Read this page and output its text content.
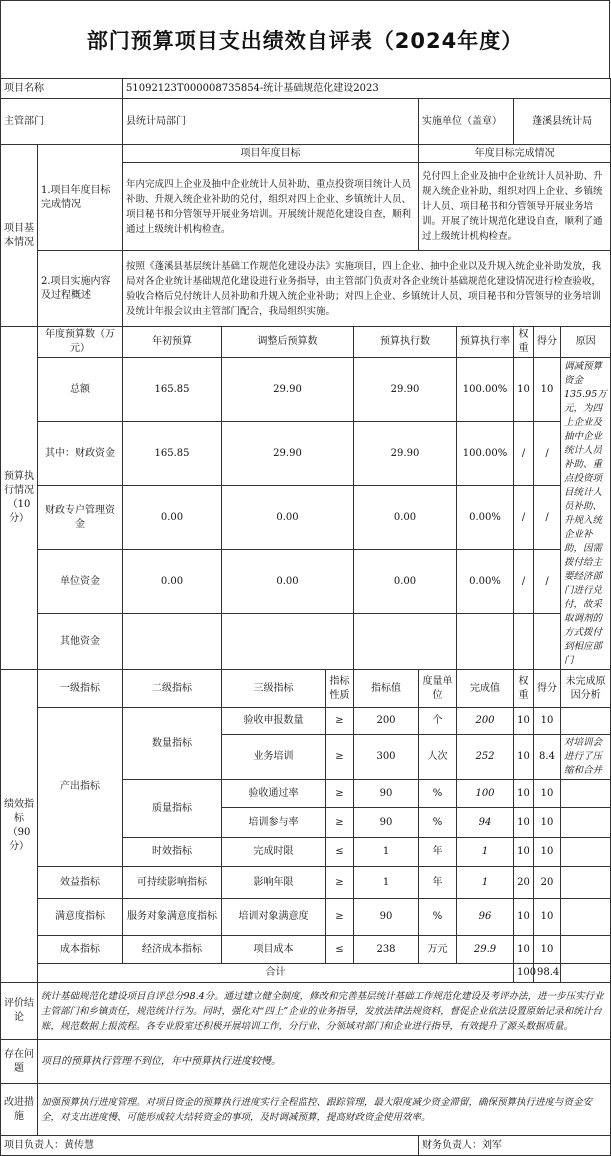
部门预算项目支出绩效自评表（2024年度）
项目名称		51092123T000008735854-统计基础规范化建设2023								
主管部门		县统计局部门				实施单位（盖章）		蓬溪县统计局		
项目基本情况	1.项目年度目标完成情况	项目年度目标				年度目标完成情况				
		年内完成四上企业及抽中企业统计人员补助、重点投资项目统计人员补助、升规入统企业补助的兑付，组织对四上企业、乡镇统计人员、项目秘书和分管领导开展业务培训。开展统计规范化建设自查，顺利通过上级统计机构检查。				兑付四上企业及抽中企业统计人员补助、升规入统企业补助，组织对四上企业、乡镇统计人员、项目秘书和分管领导开展业务培训。开展了统计规范化建设自查，顺利了通过上级统计机构检查。				
	2.项目实施内容及过程概述	按照《蓬溪县基层统计基础工作规范化建设办法》实施项目，四上企业、抽中企业以及升规入统企业补助发放，我局对各企业统计基础规范化建设进行业务指导，由主管部门负责对各企业统计基础规范化建设情况进行检查验收，验收合格后兑付统计人员补助和升规入统企业补助；对四上企业、乡镇统计人员、项目秘书和分管领导的业务培训及统计年报会议由主管部门配合，我局组织实施。								
预算执行情况（10分）	年度预算数（万元）	年初预算	调整后预算数		预算执行数		预算执行率	权重	得分	原因
	总额	165.85	29.90		29.90		100.00%	10	10	调减预算资金135.95万元，为四上企业及抽中企业统计人员补助、重点投资项目统计人员补助、升规入统企业补助，因需拨付给主要经济部门进行兑付，故采取调剂的方式拨付到相应部门
	其中：财政资金	165.85	29.90		29.90		100.00%	/	/	
	财政专户管理资金	0.00	0.00		0.00		0.00%	/	/	
	单位资金	0.00	0.00		0.00		0.00%	/	/	
	其他资金									
绩效指标（90分）	一级指标	二级指标	三级指标	指标性质	指标值	度量单位	完成值	权重	得分	未完成原因分析
	产出指标	数量指标	验收申报数量	≥	200	个	200	10	10	
			业务培训	≥	300	人次	252	10	8.4	对培训会进行了压缩和合并
		质量指标	验收通过率	≥	90	%	100	10	10	
			培训参与率	≥	90	%	94	10	10	
		时效指标	完成时限	≤	1	年	1	10	10	
	效益指标	可持续影响指标	影响年限	≥	1	年	1	20	20	
	满意度指标	服务对象满意度指标	培训对象满意度	≥	90	%	96	10	10	
	成本指标	经济成本指标	项目成本	≤	238	万元	29.9	10	10	
	合计							100	98.4	
评价结论	统计基础规范化建设项目自评总分98.4分。通过建立健全制度，修改和完善基层统计基础工作规范化建设及考评办法，进一步压实行业主管部门和乡镇责任，规范统计行为。同时，强化对“四上”企业的业务指导，发放法律法规资料，督促企业依法设置原始记录和统计台账，规范数据上报流程。各专业股室还积极开展培训工作，分行业、分领域对部门和企业进行指导，有效提升了源头数据质量。									
存在问题	项目的预算执行管理不到位，年中预算执行进度较慢。									
改进措施	加强预算执行进度管理。对项目资金的预算执行进度实行全程监控、跟踪管理，最大限度减少资金滞留，确保预算执行进度与资金安全，对支出进度慢、可能形成较大结转资金的事项，及时调减预算，提高财政资金使用效率。									
项目负责人：黄传慧						财务负责人：刘军				
